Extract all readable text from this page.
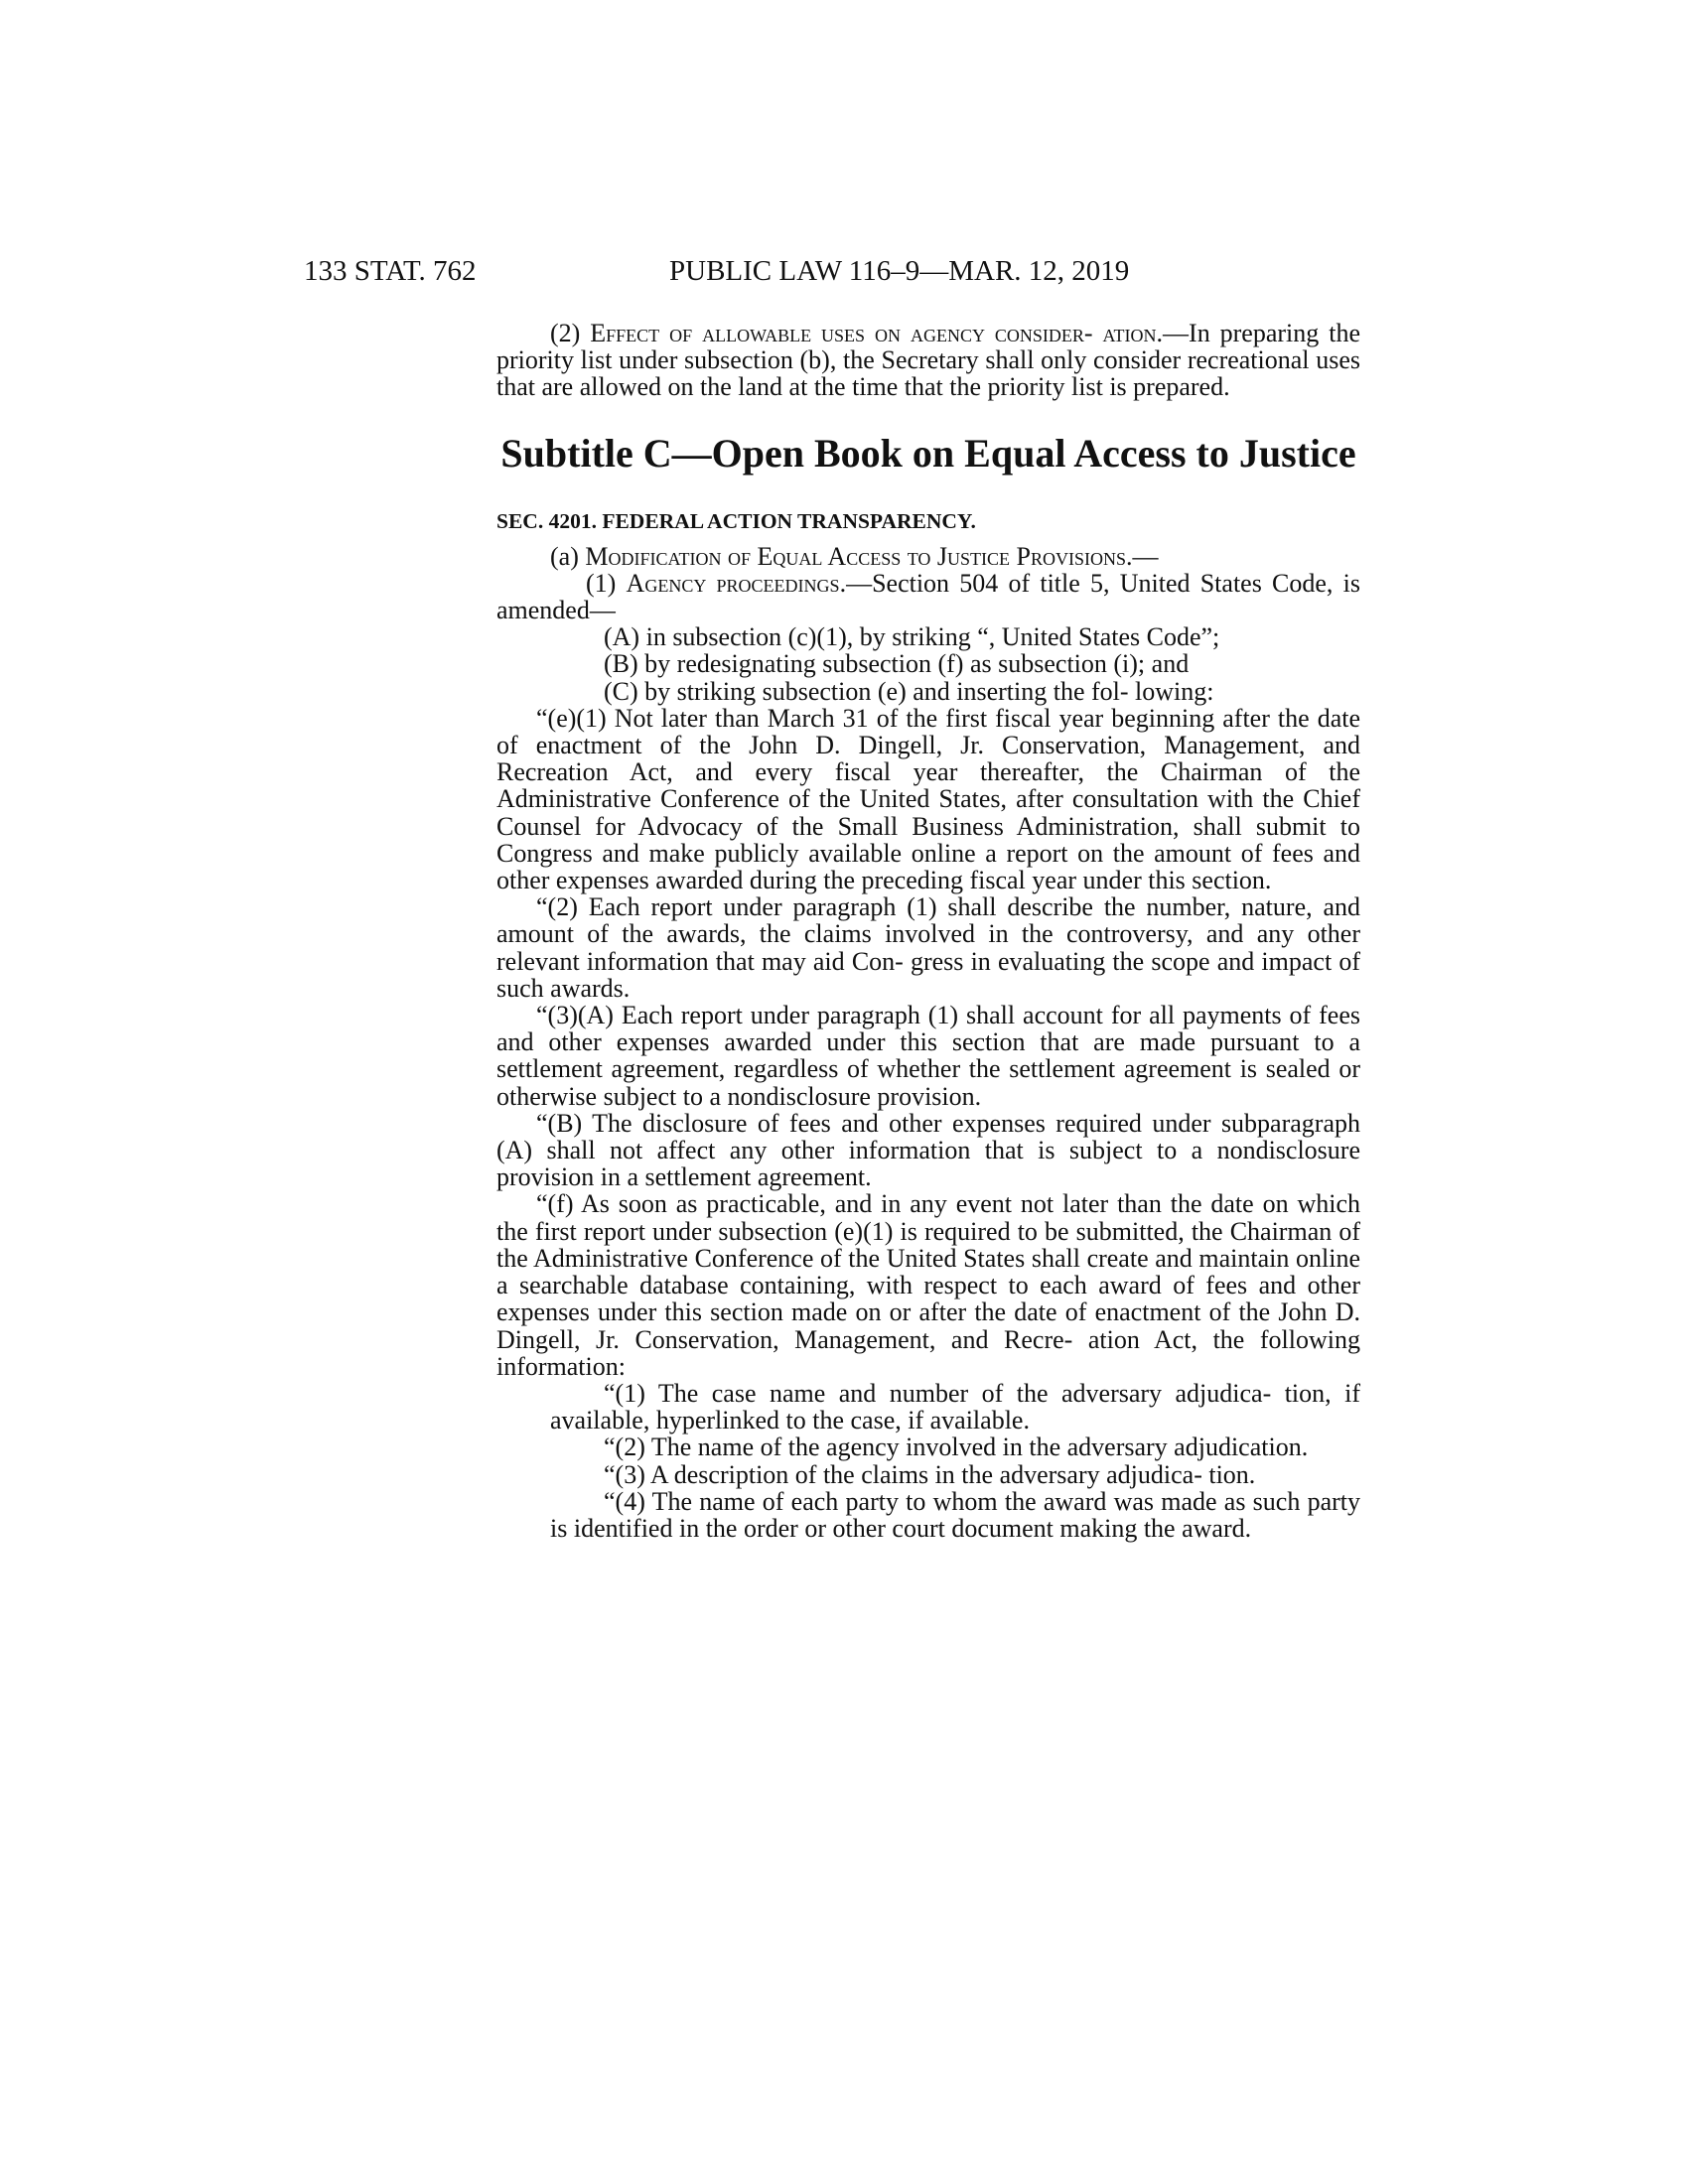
133 STAT. 762	PUBLIC LAW 116–9—MAR. 12, 2019

(2) Effect of allowable uses on agency consider- ation.—In preparing the priority list under subsection (b), the Secretary shall only consider recreational uses that are allowed on the land at the time that the priority list is prepared.

Subtitle C—Open Book on Equal Access to Justice
SEC. 4201. FEDERAL ACTION TRANSPARENCY.

(a) Modification of Equal Access to Justice Provisions.—

(1) Agency proceedings.—Section 504 of title 5, United States Code, is amended—

(A) in subsection (c)(1), by striking “, United States Code”;

(B) by redesignating subsection (f) as subsection (i); and

(C) by striking subsection (e) and inserting the fol- lowing:

“(e)(1) Not later than March 31 of the first fiscal year beginning after the date of enactment of the John D. Dingell, Jr. Conservation, Management, and Recreation Act, and every fiscal year thereafter, the Chairman of the Administrative Conference of the United States, after consultation with the Chief Counsel for Advocacy of the Small Business Administration, shall submit to Congress and make publicly available online a report on the amount of fees and other expenses awarded during the preceding fiscal year under this section.

“(2) Each report under paragraph (1) shall describe the number, nature, and amount of the awards, the claims involved in the controversy, and any other relevant information that may aid Con- gress in evaluating the scope and impact of such awards.

“(3)(A) Each report under paragraph (1) shall account for all payments of fees and other expenses awarded under this section that are made pursuant to a settlement agreement, regardless of whether the settlement agreement is sealed or otherwise subject to a nondisclosure provision.

“(B) The disclosure of fees and other expenses required under subparagraph (A) shall not affect any other information that is subject to a nondisclosure provision in a settlement agreement.

“(f) As soon as practicable, and in any event not later than the date on which the first report under subsection (e)(1) is required to be submitted, the Chairman of the Administrative Conference of the United States shall create and maintain online a searchable database containing, with respect to each award of fees and other expenses under this section made on or after the date of enactment of the John D. Dingell, Jr. Conservation, Management, and Recre- ation Act, the following information:

“(1) The case name and number of the adversary adjudica- tion, if available, hyperlinked to the case, if available.

“(2) The name of the agency involved in the adversary adjudication.

“(3) A description of the claims in the adversary adjudica- tion.

“(4) The name of each party to whom the award was made as such party is identified in the order or other court document making the award.
